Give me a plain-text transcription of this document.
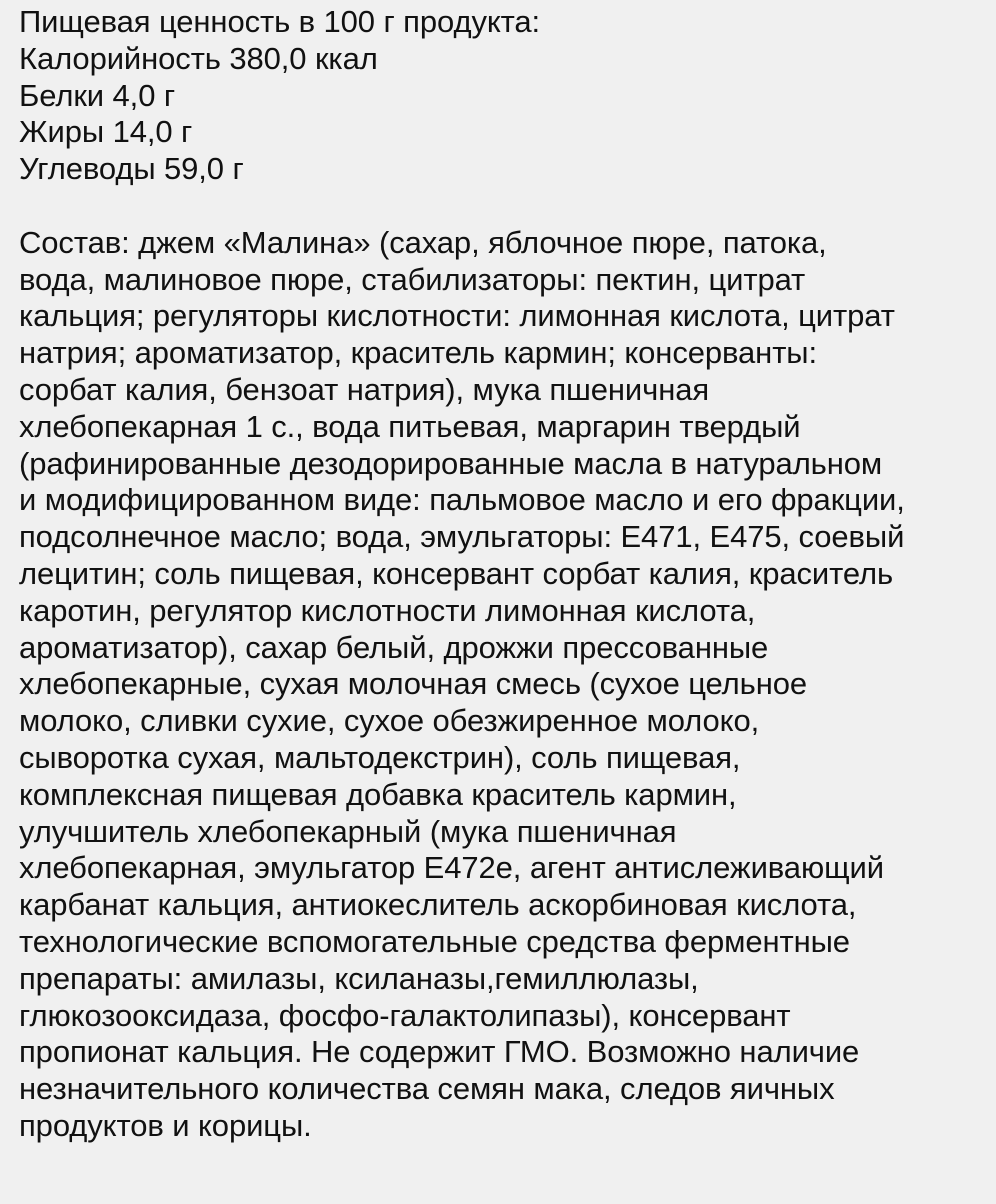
Пищевая ценность в 100 г продукта:
Калорийность 380,0 ккал
Белки 4,0 г
Жиры 14,0 г
Углеводы 59,0 г
Состав: джем «Малина» (сахар, яблочное пюре, патока,
вода, малиновое пюре, стабилизаторы: пектин, цитрат
кальция; регуляторы кислотности: лимонная кислота, цитрат
натрия; ароматизатор, краситель кармин; консерванты:
сорбат калия, бензоат натрия), мука пшеничная
хлебопекарная 1 с., вода питьевая, маргарин твердый
(рафинированные дезодорированные масла в натуральном
и модифицированном виде: пальмовое масло и его фракции,
подсолнечное масло; вода, эмульгаторы: Е471, Е475, соевый
лецитин; соль пищевая, консервант сорбат калия, краситель
каротин, регулятор кислотности лимонная кислота,
ароматизатор), сахар белый, дрожжи прессованные
хлебопекарные, сухая молочная смесь (сухое цельное
молоко, сливки сухие, сухое обезжиренное молоко,
сыворотка сухая, мальтодекстрин), соль пищевая,
комплексная пищевая добавка краситель кармин,
улучшитель хлебопекарный (мука пшеничная
хлебопекарная, эмульгатор Е472е, агент антислеживающий
карбанат кальция, антиокеслитель аскорбиновая кислота,
технологические вспомогательные средства ферментные
препараты: амилазы, ксиланазы,гемиллюлазы,
глюкозооксидаза, фосфо-галактолипазы), консервант
пропионат кальция. Не содержит ГМО. Возможно наличие
незначительного количества семян мака, следов яичных
продуктов и корицы.
